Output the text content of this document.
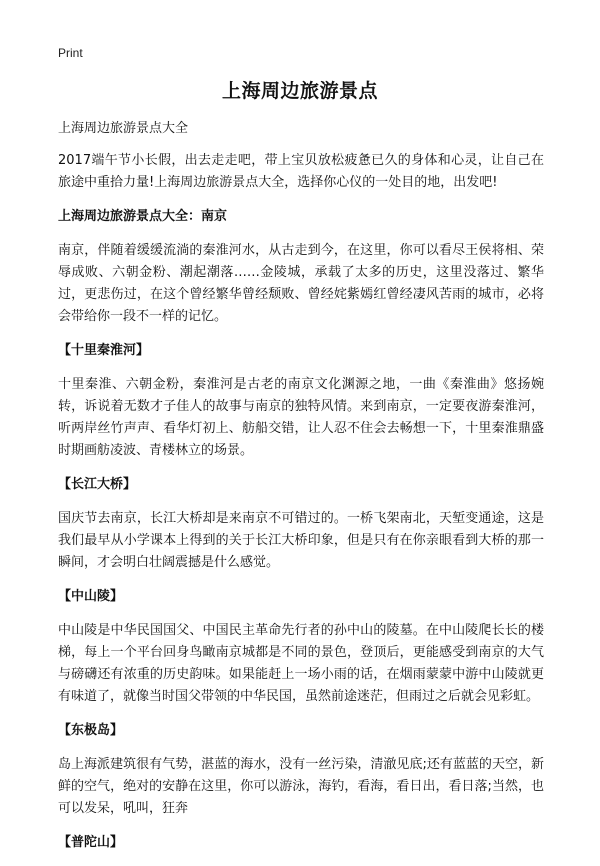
Print
上海周边旅游景点

上海周边旅游景点大全

2017端午节小长假，出去走走吧，带上宝贝放松疲惫已久的身体和心灵，让自己在旅途中重拾力量!上海周边旅游景点大全，选择你心仪的一处目的地，出发吧!

上海周边旅游景点大全：南京

南京，伴随着缓缓流淌的秦淮河水，从古走到今，在这里，你可以看尽王侯将相、荣辱成败、六朝金粉、潮起潮落……金陵城，承载了太多的历史，这里没落过、繁华过，更悲伤过，在这个曾经繁华曾经颓败、曾经姹紫嫣红曾经凄风苦雨的城市，必将会带给你一段不一样的记忆。

【十里秦淮河】

十里秦淮、六朝金粉，秦淮河是古老的南京文化渊源之地，一曲《秦淮曲》悠扬婉转，诉说着无数才子佳人的故事与南京的独特风情。来到南京，一定要夜游秦淮河，听两岸丝竹声声、看华灯初上、舫船交错，让人忍不住会去畅想一下，十里秦淮鼎盛时期画舫凌波、青楼林立的场景。

【长江大桥】

国庆节去南京，长江大桥却是来南京不可错过的。一桥飞架南北，天堑变通途，这是我们最早从小学课本上得到的关于长江大桥印象，但是只有在你亲眼看到大桥的那一瞬间，才会明白壮阔震撼是什么感觉。

【中山陵】

中山陵是中华民国国父、中国民主革命先行者的孙中山的陵墓。在中山陵爬长长的楼梯，每上一个平台回身鸟瞰南京城都是不同的景色，登顶后，更能感受到南京的大气与磅礴还有浓重的历史韵味。如果能赶上一场小雨的话，在烟雨蒙蒙中游中山陵就更有味道了，就像当时国父带领的中华民国，虽然前途迷茫，但雨过之后就会见彩虹。

【东极岛】

岛上海派建筑很有气势，湛蓝的海水，没有一丝污染，清澈见底;还有蓝蓝的天空，新鲜的空气，绝对的安静在这里，你可以游泳，海钓，看海，看日出，看日落;当然，也可以发呆，吼叫，狂奔

【普陀山】
